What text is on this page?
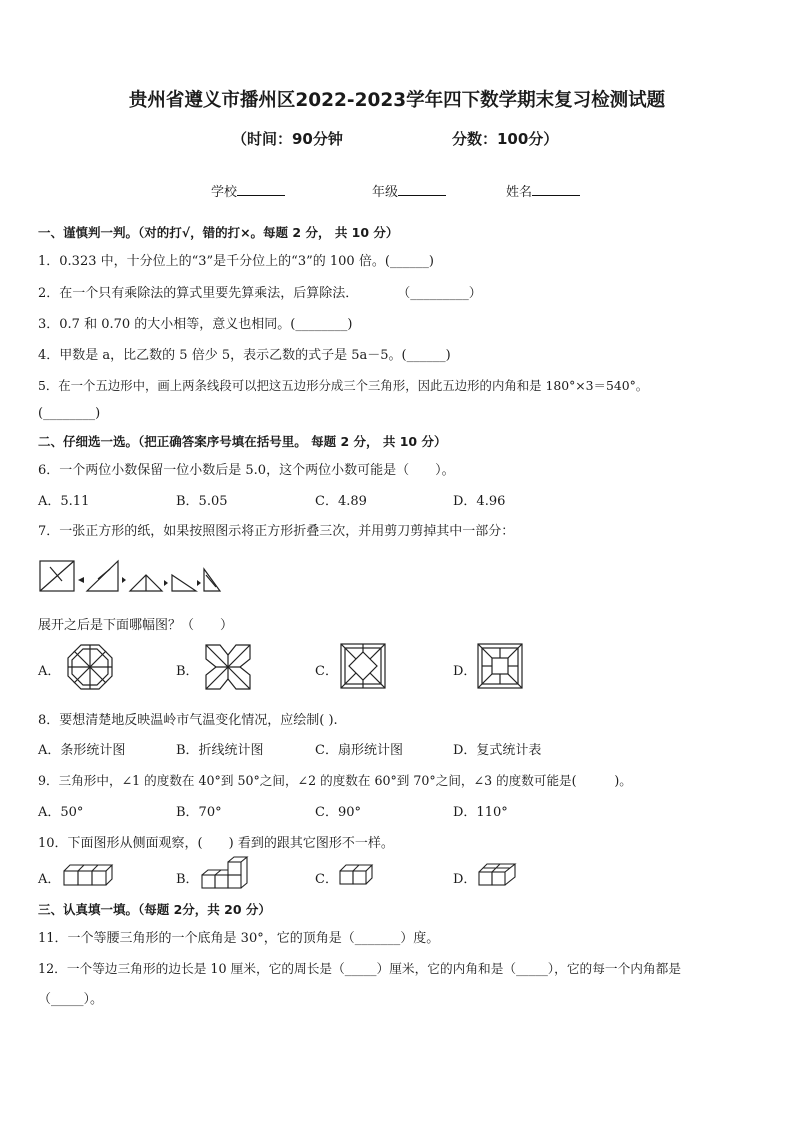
贵州省遵义市播州区2022-2023学年四下数学期末复习检测试题
（时间：90分钟	分数：100分）
学校	年级	姓名
一、谨慎判一判。（对的打√，错的打×。每题 2 分， 共 10 分）
1．0.323 中，十分位上的“3”是千分位上的“3”的 100 倍。(______)
2．在一个只有乘除法的算式里要先算乘法，后算除法．　　　　（_________）
3．0.7 和 0.70 的大小相等，意义也相同。(________)
4．甲数是 a，比乙数的 5 倍少 5，表示乙数的式子是 5a－5。(______)
5．在一个五边形中，画上两条线段可以把这五边形分成三个三角形，因此五边形的内角和是 180°×3＝540°。
(________)
二、仔细选一选。（把正确答案序号填在括号里。 每题 2 分， 共 10 分）
6．一个两位小数保留一位小数后是 5.0，这个两位小数可能是（　　）。
A．5.11	B．5.05	C．4.89	D．4.96
7．一张正方形的纸，如果按照图示将正方形折叠三次，并用剪刀剪掉其中一部分：
展开之后是下面哪幅图？（　　）
A．	B．	C．	D．
8．要想清楚地反映温岭市气温变化情况，应绘制( ).
A．条形统计图	B．折线统计图	C．扇形统计图	D．复式统计表
9．三角形中，∠1 的度数在 40°到 50°之间，∠2 的度数在 60°到 70°之间，∠3 的度数可能是(　　　)。
A．50°	B．70°	C．90°	D．110°
10．下面图形从侧面观察，(　　) 看到的跟其它图形不一样。
A．	B．	C．	D．
三、认真填一填。（每题 2分，共 20 分）
11．一个等腰三角形的一个底角是 30°，它的顶角是（_______）度。
12．一个等边三角形的边长是 10 厘米，它的周长是（_____）厘米，它的内角和是（_____），它的每一个内角都是
（_____）。
